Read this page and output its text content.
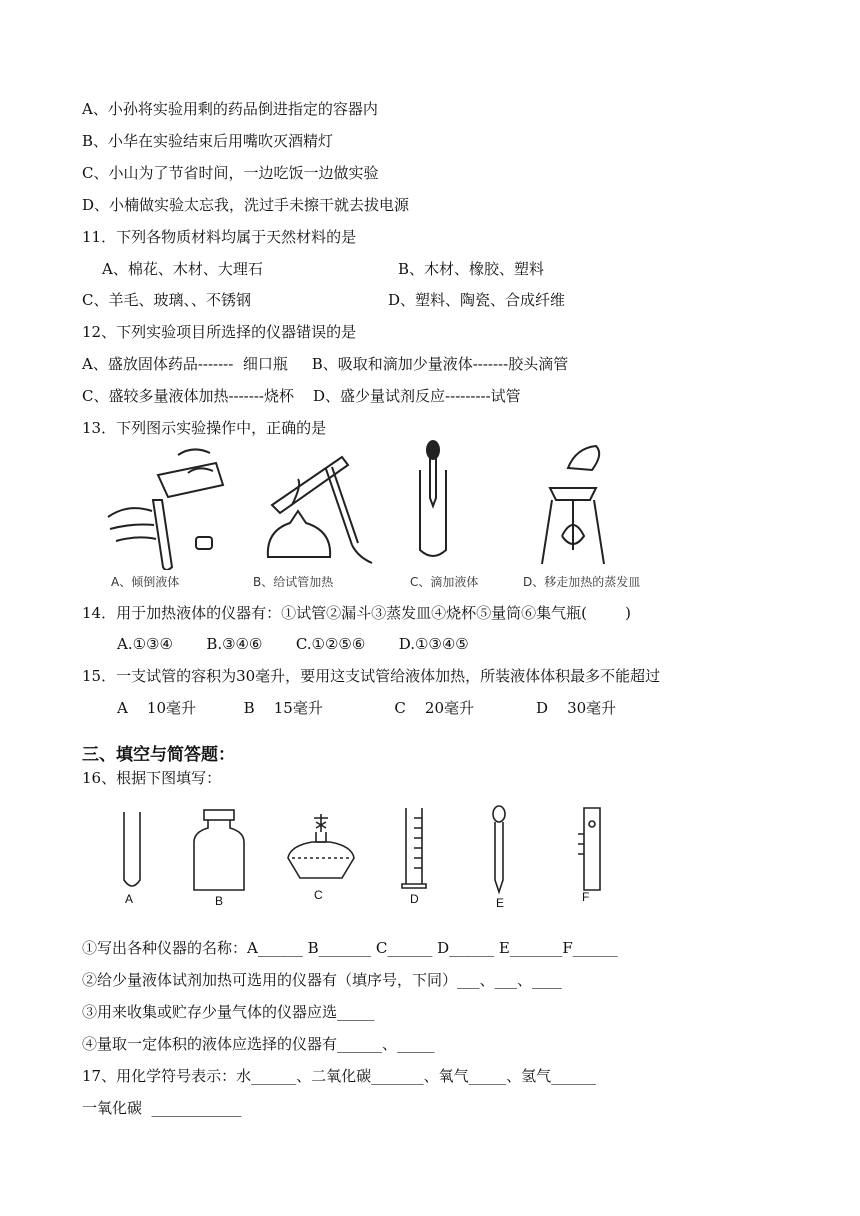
A、小孙将实验用剩的药品倒进指定的容器内
B、小华在实验结束后用嘴吹灭酒精灯
C、小山为了节省时间，一边吃饭一边做实验
D、小楠做实验太忘我，洗过手未擦干就去拔电源
11．下列各物质材料均属于天然材料的是
A、棉花、木材、大理石	B、木材、橡胶、塑料
C、羊毛、玻璃、、不锈钢	D、塑料、陶瓷、合成纤维
12、下列实验项目所选择的仪器错误的是
A、盛放固体药品-------  细口瓶     B、吸取和滴加少量液体-------胶头滴管
C、盛较多量液体加热-------烧杯    D、盛少量试剂反应---------试管
13．下列图示实验操作中，正确的是
A、倾倒液体	B、给试管加热	C、滴加液体	D、移走加热的蒸发皿
14．用于加热液体的仪器有：①试管②漏斗③蒸发皿④烧杯⑤量筒⑥集气瓶(        )
A.①③④       B.③④⑥       C.①②⑤⑥       D.①③④⑤
15．一支试管的容积为30毫升，要用这支试管给液体加热，所装液体体积最多不能超过
A    10毫升          B    15毫升               C    20毫升             D    30毫升
三、填空与简答题：
16、根据下图填写：
A	B	C	D	E	F
①写出各种仪器的名称：A______ B_______ C______ D______ E_______F______
②给少量液体试剂加热可选用的仪器有（填序号，下同）___、___、____
③用来收集或贮存少量气体的仪器应选_____
④量取一定体积的液体应选择的仪器有______、_____
17、用化学符号表示：水______、二氧化碳_______、氧气_____、氢气______
一氧化碳  ____________
